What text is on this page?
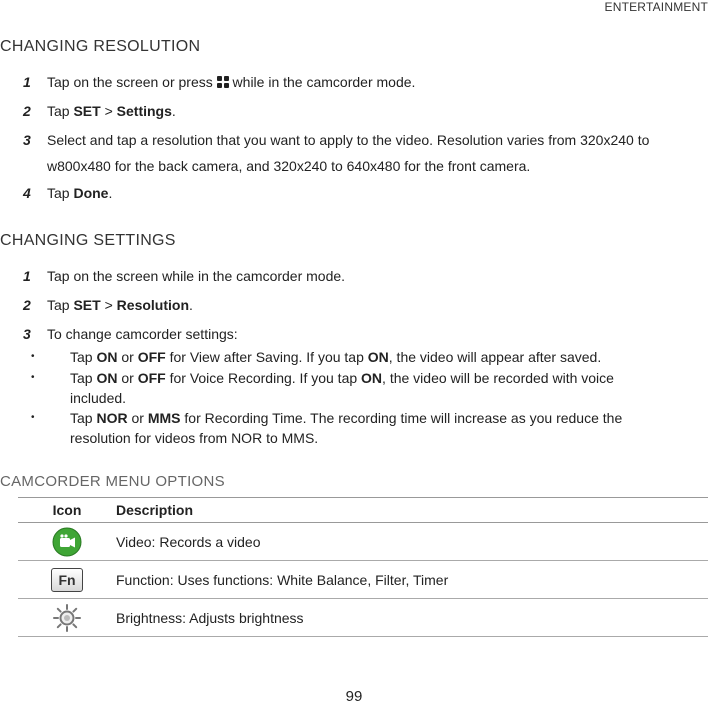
ENTERTAINMENT
CHANGING RESOLUTION
1 Tap on the screen or press
while in the camcorder mode.
2 Tap SET > Settings.
3 Select and tap a resolution that you want to apply to the video. Resolution varies from 320x240 to w800x480 for the back camera, and 320x240 to 640x480 for the front camera.
4 Tap Done.
CHANGING SETTINGS
1 Tap on the screen while in the camcorder mode.
2 Tap SET > Resolution.
3 To change camcorder settings:
•	Tap ON or OFF for View after Saving. If you tap ON, the video will appear after saved.
•	Tap ON or OFF for Voice Recording. If you tap ON, the video will be recorded with voice included.
•	Tap NOR or MMS for Recording Time. The recording time will increase as you reduce the resolution for videos from NOR to MMS.
CAMCORDER MENU OPTIONS
Icon	Description
	Video: Records a video
Fn	Function: Uses functions: White Balance, Filter, Timer
	Brightness: Adjusts brightness
99
